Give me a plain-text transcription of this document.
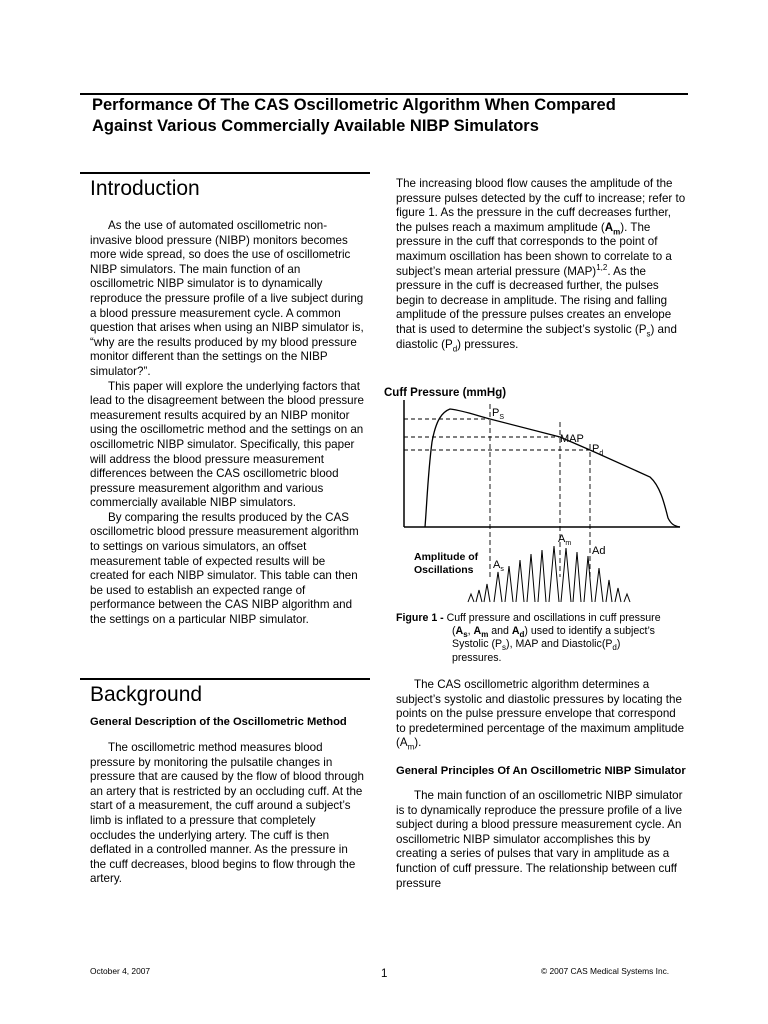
Performance Of The CAS Oscillometric Algorithm When Compared
Against Various Commercially Available NIBP Simulators
Introduction

As the use of automated oscillometric non-invasive blood pressure (NIBP) monitors becomes more wide spread, so does the use of oscillometric NIBP simulators. The main function of an oscillometric NIBP simulator is to dynamically reproduce the pressure profile of a live subject during a blood pressure measurement cycle. A common question that arises when using an NIBP simulator is, “why are the results produced by my blood pressure monitor different than the settings on the NIBP simulator?”.

This paper will explore the underlying factors that lead to the disagreement between the blood pressure measurement results acquired by an NIBP monitor using the oscillometric method and the settings on an oscillometric NIBP simulator. Specifically, this paper will address the blood pressure measurement differences between the CAS oscillometric blood pressure measurement algorithm and various commercially available NIBP simulators.

By comparing the results produced by the CAS oscillometric blood pressure measurement algorithm to settings on various simulators, an offset measurement table of expected results will be created for each NIBP simulator. This table can then be used to establish an expected range of performance between the CAS NIBP algorithm and the settings on a particular NIBP simulator.

Background

General Description of the Oscillometric Method

The oscillometric method measures blood pressure by monitoring the pulsatile changes in pressure that are caused by the flow of blood through an artery that is restricted by an occluding cuff. At the start of a measurement, the cuff around a subject’s limb is inflated to a pressure that completely occludes the underlying artery. The cuff is then deflated in a controlled manner. As the pressure in the cuff decreases, blood begins to flow through the artery.

The increasing blood flow causes the amplitude of the pressure pulses detected by the cuff to increase; refer to figure 1. As the pressure in the cuff decreases further, the pulses reach a maximum amplitude $(A_m)$. The pressure in the cuff that corresponds to the point of maximum oscillation has been shown to correlate to a subject’s mean arterial pressure (MAP)$^{1,2}$. As the pressure in the cuff is decreased further, the pulses begin to decrease in amplitude. The rising and falling amplitude of the pressure pulses creates an envelope that is used to determine the subject’s systolic $(P_s)$ and diastolic $(P_d)$ pressures.

Cuff Pressure (mmHg)
$P_S$
MAP
$P_d$
Amplitude of
Oscillations $A_s$
$A_m$
Ad
Figure 1 - Cuff pressure and oscillations in cuff pressure
($A_s$, $A_m$ and $A_d$) used to identify a subject’s
Systolic $(P_s)$, MAP and $Diastolic(P_d)$
pressures.

The CAS oscillometric algorithm determines a subject’s systolic and diastolic pressures by locating the points on the pulse pressure envelope that correspond to predetermined percentage of the maximum amplitude $(A_m)$.

General Principles Of An Oscillometric NIBP Simulator

The main function of an oscillometric NIBP simulator is to dynamically reproduce the pressure profile of a live subject during a blood pressure measurement cycle. An oscillometric NIBP simulator accomplishes this by creating a series of pulses that vary in amplitude as a function of cuff pressure. The relationship between cuff pressure

October 4, 2007	1	© 2007 CAS Medical Systems Inc.
